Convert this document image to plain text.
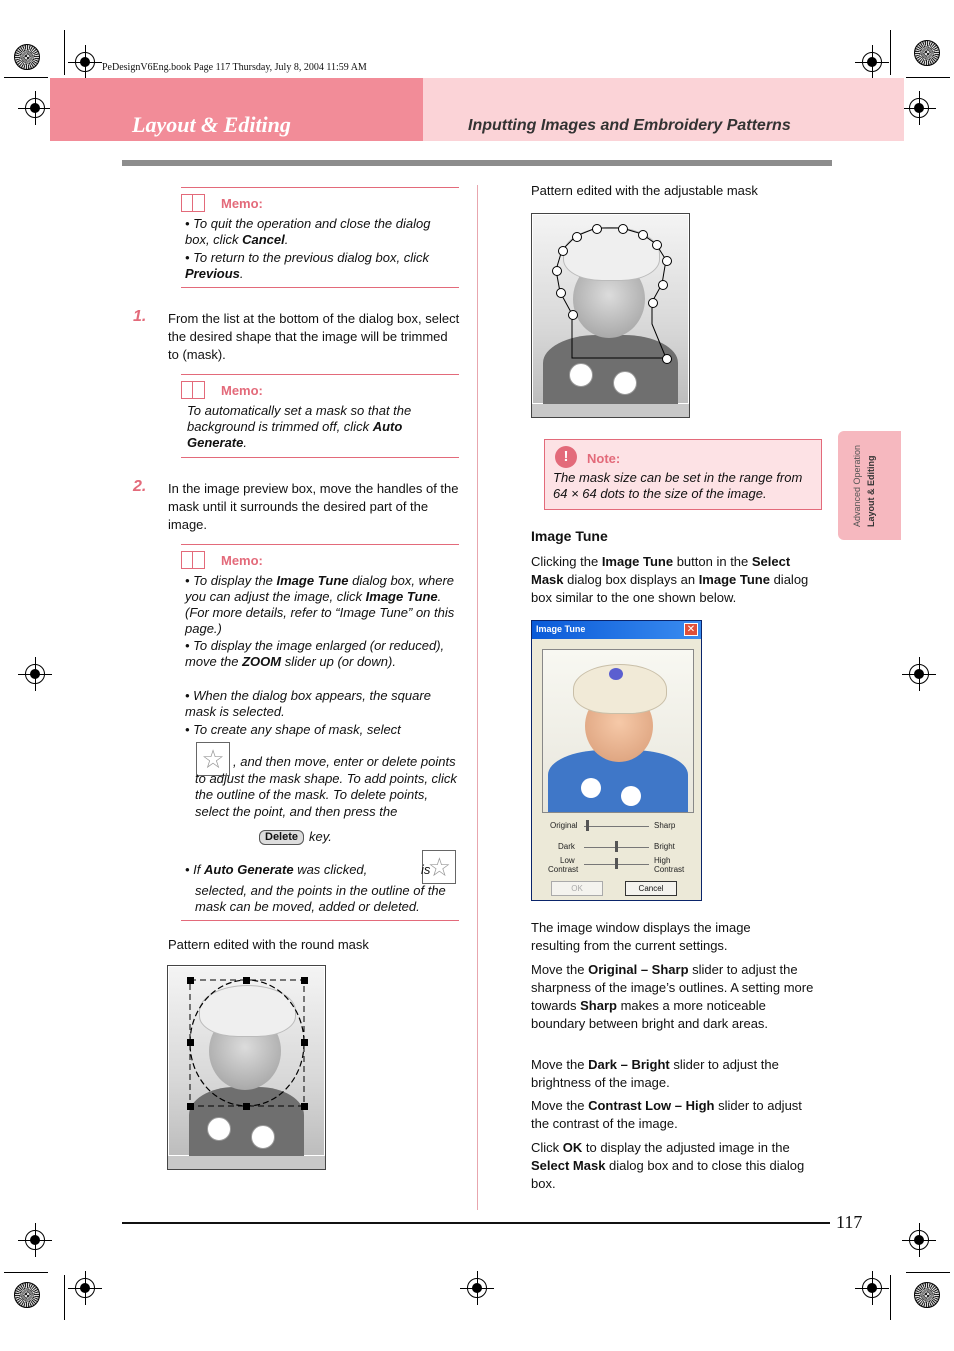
PeDesignV6Eng.book Page 117 Thursday, July 8, 2004 11:59 AM
Layout & Editing	Inputting Images and Embroidery Patterns
Memo:
• To quit the operation and close the dialog box, click Cancel.
• To return to the previous dialog box, click Previous.
1. From the list at the bottom of the dialog box, select the desired shape that the image will be trimmed to (mask).
Memo:
To automatically set a mask so that the background is trimmed off, click Auto Generate.
2. In the image preview box, move the handles of the mask until it surrounds the desired part of the image.
Memo:
• To display the Image Tune dialog box, where you can adjust the image, click Image Tune. (For more details, refer to “Image Tune” on this page.)
• To display the image enlarged (or reduced), move the ZOOM slider up (or down).
• When the dialog box appears, the square mask is selected.
• To create any shape of mask, select
☆
, and then move, enter or delete points to adjust the mask shape. To add points, click the outline of the mask. To delete points, select the point, and then press the
Delete key.
• If Auto Generate was clicked,	☆
is
selected, and the points in the outline of the mask can be moved, added or deleted.
Pattern edited with the round mask
Pattern edited with the adjustable mask
!	Note:
The mask size can be set in the range from 64 × 64 dots to the size of the image.	Advanced Operation Layout & Editing
Image Tune
Clicking the Image Tune button in the Select Mask dialog box displays an Image Tune dialog box similar to the one shown below.
Image Tune	✕
Original	Sharp
Dark	Bright
Low
Contrast
High
Contrast
OK	Cancel
The image window displays the image resulting from the current settings.
Move the Original – Sharp slider to adjust the sharpness of the image’s outlines. A setting more towards Sharp makes a more noticeable boundary between bright and dark areas.
Move the Dark – Bright slider to adjust the brightness of the image.
Move the Contrast Low – High slider to adjust the contrast of the image.
Click OK to display the adjusted image in the Select Mask dialog box and to close this dialog box.
117
